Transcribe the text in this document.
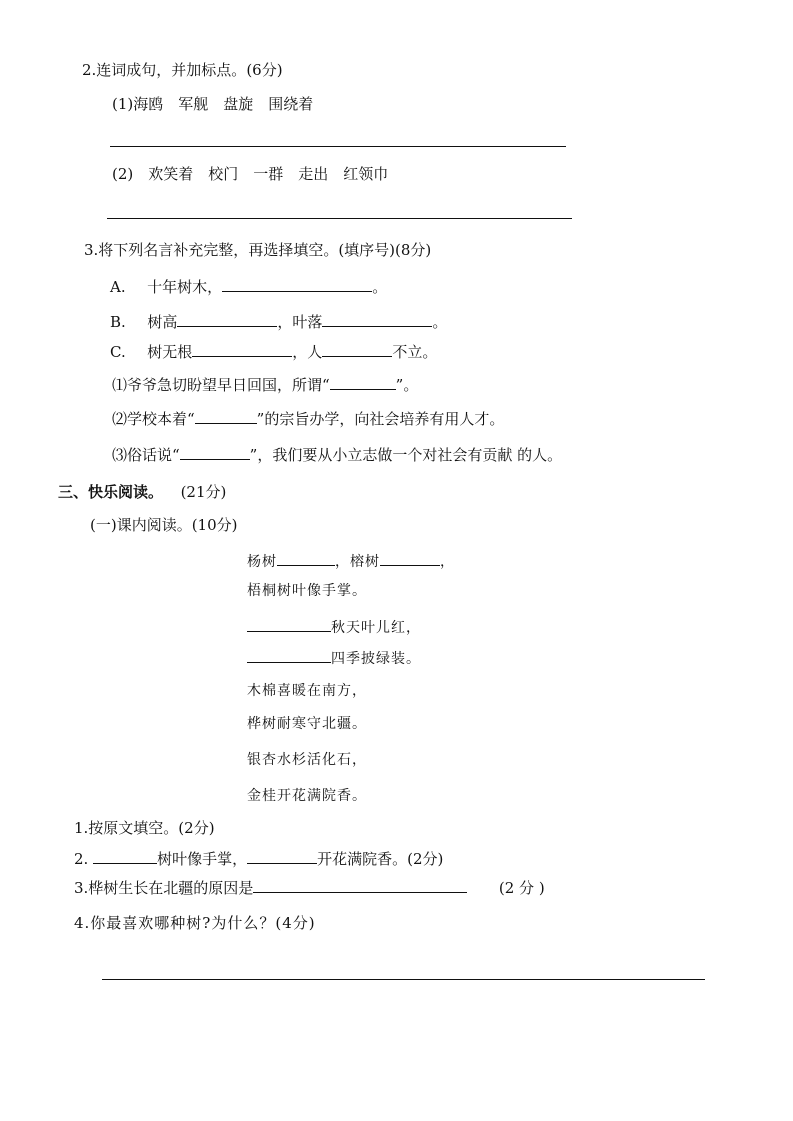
2.连词成句，并加标点。(6分)
(1)海鸥　军舰　盘旋　围绕着
(2)　欢笑着　校门　一群　走出　红领巾
3.将下列名言补充完整，再选择填空。(填序号)(8分)
A. 十年树木，	。
B. 树高	，叶落	。
C. 树无根	，人	不立。
⑴爷爷急切盼望早日回国，所谓“	”。
⑵学校本着“	”的宗旨办学，向社会培养有用人才。
⑶俗话说“	”，我们要从小立志做一个对社会有贡献 的人。
三、快乐阅读。 (21分)
(一)课内阅读。(10分)
杨树	，榕树	，
梧桐树叶像手掌。
秋天叶儿红，
四季披绿装。
木棉喜暖在南方，
桦树耐寒守北疆。
银杏水杉活化石，
金桂开花满院香。
1.按原文填空。(2分)
2.	树叶像手掌，	开花满院香。(2分)
3.桦树生长在北疆的原因是	(2 分 )
4.你最喜欢哪种树?为什么？(4分)
